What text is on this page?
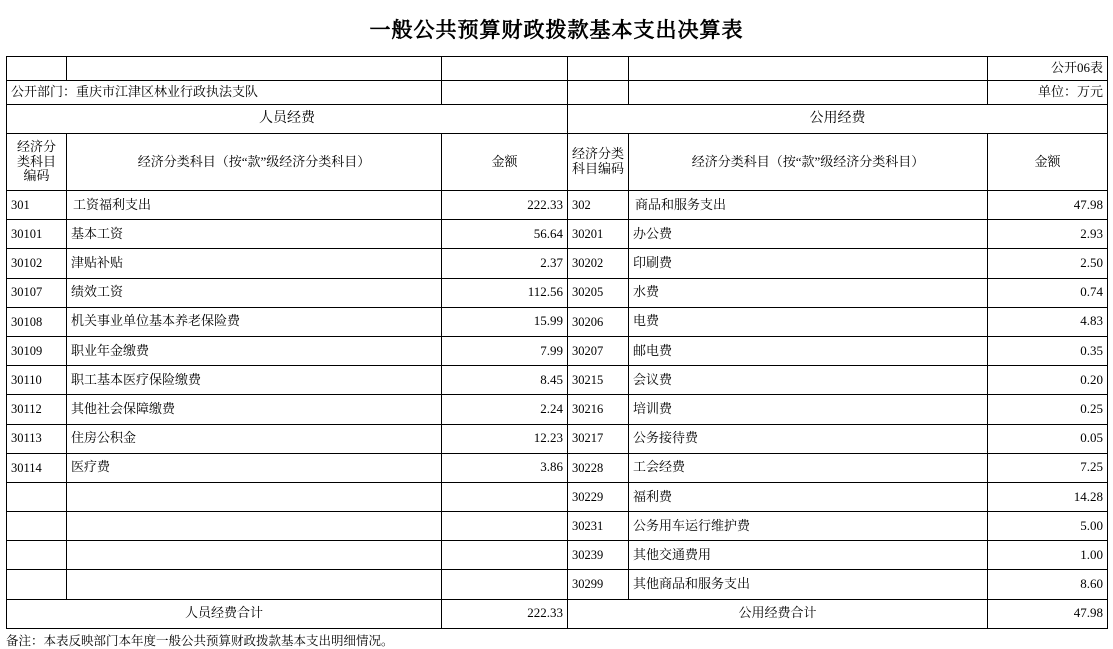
一般公共预算财政拨款基本支出决算表
					公开06表
公开部门：重庆市江津区林业行政执法支队					单位：万元
人员经费			公用经费		
经济分类科目编码	经济分类科目（按“款”级经济分类科目）	金额	经济分类科目编码	经济分类科目（按“款”级经济分类科目）	金额
301	工资福利支出	222.33	302	商品和服务支出	47.98
30101	基本工资	56.64	30201	办公费	2.93
30102	津贴补贴	2.37	30202	印刷费	2.50
30107	绩效工资	112.56	30205	水费	0.74
30108	机关事业单位基本养老保险费	15.99	30206	电费	4.83
30109	职业年金缴费	7.99	30207	邮电费	0.35
30110	职工基本医疗保险缴费	8.45	30215	会议费	0.20
30112	其他社会保障缴费	2.24	30216	培训费	0.25
30113	住房公积金	12.23	30217	公务接待费	0.05
30114	医疗费	3.86	30228	工会经费	7.25
			30229	福利费	14.28
			30231	公务用车运行维护费	5.00
			30239	其他交通费用	1.00
			30299	其他商品和服务支出	8.60
人员经费合计		222.33	公用经费合计		47.98
备注：本表反映部门本年度一般公共预算财政拨款基本支出明细情况。
